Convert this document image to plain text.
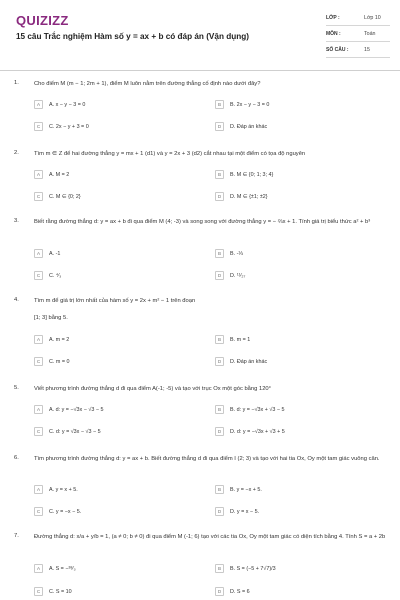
QUIZIZZ
15 câu Trắc nghiệm Hàm số y = ax + b có đáp án (Vận dụng)
LỚP :	Lớp 10
MÔN :	Toán
SỐ CÂU :	15
1.	Cho điểm M (m − 1; 2m + 1), điểm M luôn nằm trên đường thẳng cố định nào dưới đây?
A	A. x − y − 3 = 0	B	B. 2x − y − 3 = 0
C	C. 2x − y + 3 = 0	D	D. Đáp án khác
2.	Tìm m ∈ Z để hai đường thẳng y = mx + 1 (d1) và y = 2x + 3 (d2) cắt nhau tại một điểm có tọa độ nguyên
A	A. M = 2	B	B. M ∈ {0; 1; 3; 4}
C	C. M ∈ {0; 2}	D	D. M ∈ {±1; ±2}
3.	Biết rằng đường thẳng d: y = ax + b đi qua điểm M (4; -3) và song song với đường thẳng y = − ⅔x + 1. Tính giá trị biểu thức a² + b³
A	A. -1	B	B. -⅓
C	C. ⁴⁄₃	D	D. ¹¹⁄₂₇
4.	Tìm m để giá trị lớn nhất của hàm số y = 2x + m² − 1 trên đoạn
[1; 3] bằng 5.
A	A. m = 2	B	B. m = 1
C	C. m = 0	D	D. Đáp án khác
5.	Viết phương trình đường thẳng d đi qua điểm A(-1; -5) và tạo với trục Ox một góc bằng 120°
A	A. d: y = −√3x − √3 − 5	B	B. d: y = −√3x + √3 − 5
C	C. d: y = √3x − √3 − 5	D	D. d: y = −√3x + √3 + 5
6.	Tìm phương trình đường thẳng d: y = ax + b. Biết đường thẳng d đi qua điểm I (2; 3) và tạo với hai tia Ox, Oy một tam giác vuông cân.
A	A. y = x + 5.	B	B. y = −x + 5.
C	C. y = −x − 5.	D	D. y = x − 5.
7.	Đường thẳng d: x/a + y/b = 1, (a ≠ 0; b ≠ 0) đi qua điểm M (-1; 6) tạo với các tia Ox, Oy một tam giác có diện tích bằng 4. Tính S = a + 2b
A	A. S = −³⁸⁄₃	B	B. S = (−5 + 7√7)/3
C	C. S = 10	D	D. S = 6
